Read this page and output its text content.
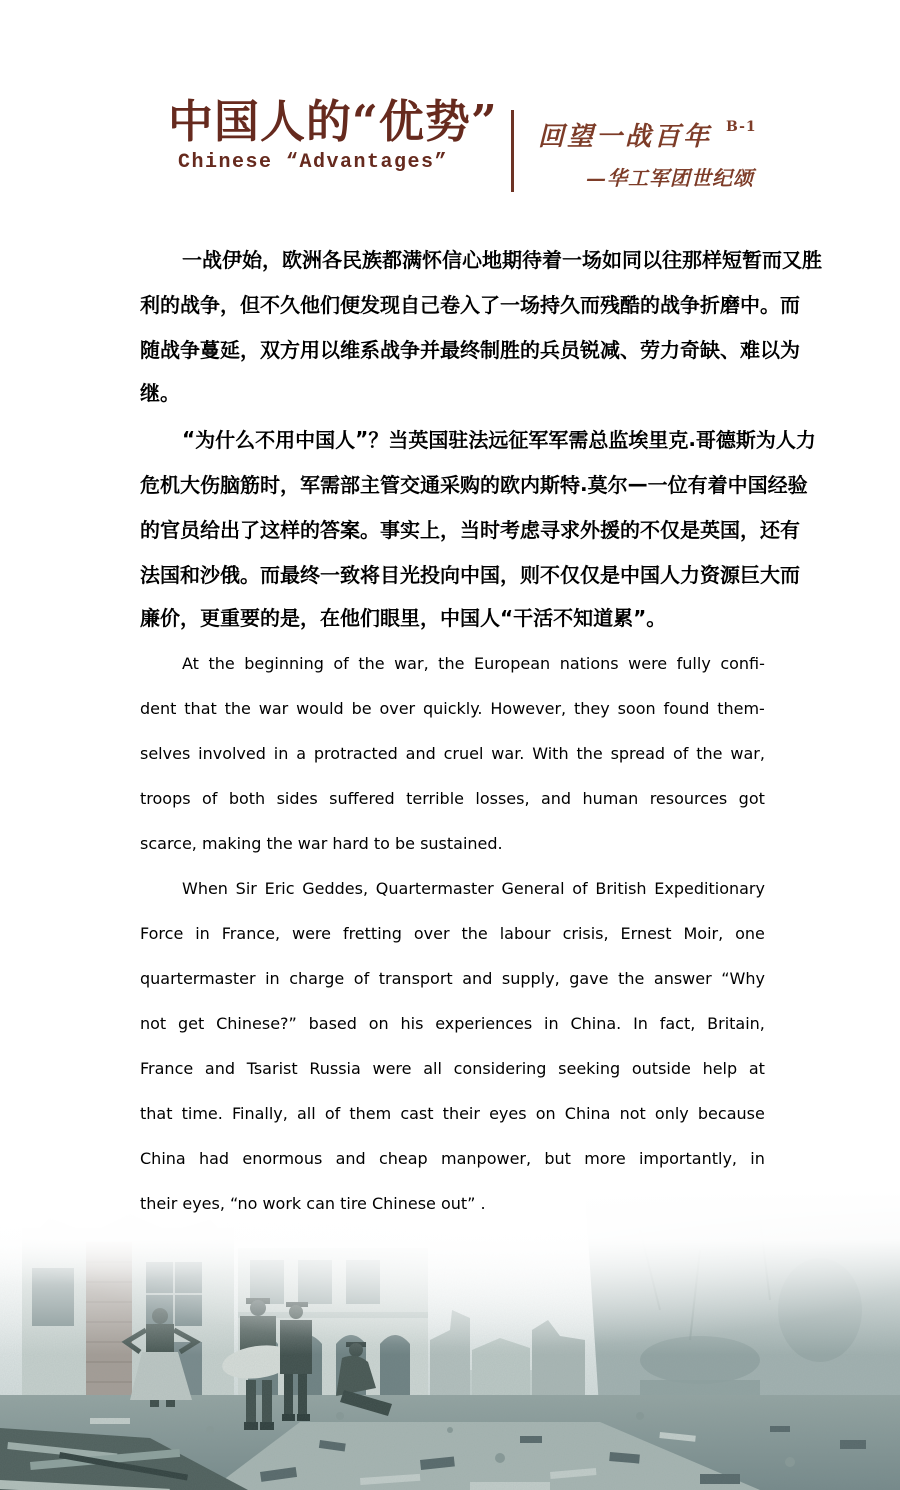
中国人的“优势”
Chinese “Advantages”
回望一战百年 B-1
—华工军团世纪颂
一 战 伊 始 ， 欧 洲 各 民 族 都 满 怀 信 心 地 期 待 着 一 场 如 同 以 往 那 样 短 暂 而 又 胜
利 的 战 争 ， 但 不 久 他 们 便 发 现 自 己 卷 入 了 一 场 持 久 而 残 酷 的 战 争 折 磨 中 。 而
随 战 争 蔓 延 ， 双 方 用 以 维 系 战 争 并 最 终 制 胜 的 兵 员 锐 减 、 劳 力 奇 缺 、 难 以 为
继。
“ 为 什 么 不 用 中 国 人 ” ？ 当 英 国 驻 法 远 征 军 军 需 总 监 埃 里 克 . 哥 德 斯 为 人 力
危 机 大 伤 脑 筋 时 ， 军 需 部 主 管 交 通 采 购 的 欧 内 斯 特 . 莫 尔 — 一 位 有 着 中 国 经 验
的 官 员 给 出 了 这 样 的 答 案 。 事 实 上 ， 当 时 考 虑 寻 求 外 援 的 不 仅 是 英 国 ， 还 有
法 国 和 沙 俄 。 而 最 终 一 致 将 目 光 投 向 中 国 ， 则 不 仅 仅 是 中 国 人 力 资 源 巨 大 而
廉价，更重要的是，在他们眼里，中国人“干活不知道累”。
At the beginning of the war, the European nations were fully confi-
dent that the war would be over quickly. However, they soon found them-
selves involved in a protracted and cruel war. With the spread of the war,
troops of both sides suffered terrible losses, and human resources got
scarce, making the war hard to be sustained.
When Sir Eric Geddes, Quartermaster General of British Expeditionary
Force in France, were fretting over the labour crisis, Ernest Moir, one
quartermaster in charge of transport and supply, gave the answer “Why
not get Chinese?” based on his experiences in China. In fact, Britain,
France and Tsarist Russia were all considering seeking outside help at
that time. Finally, all of them cast their eyes on China not only because
China had enormous and cheap manpower, but more importantly, in
their eyes, “no work can tire Chinese out” .
